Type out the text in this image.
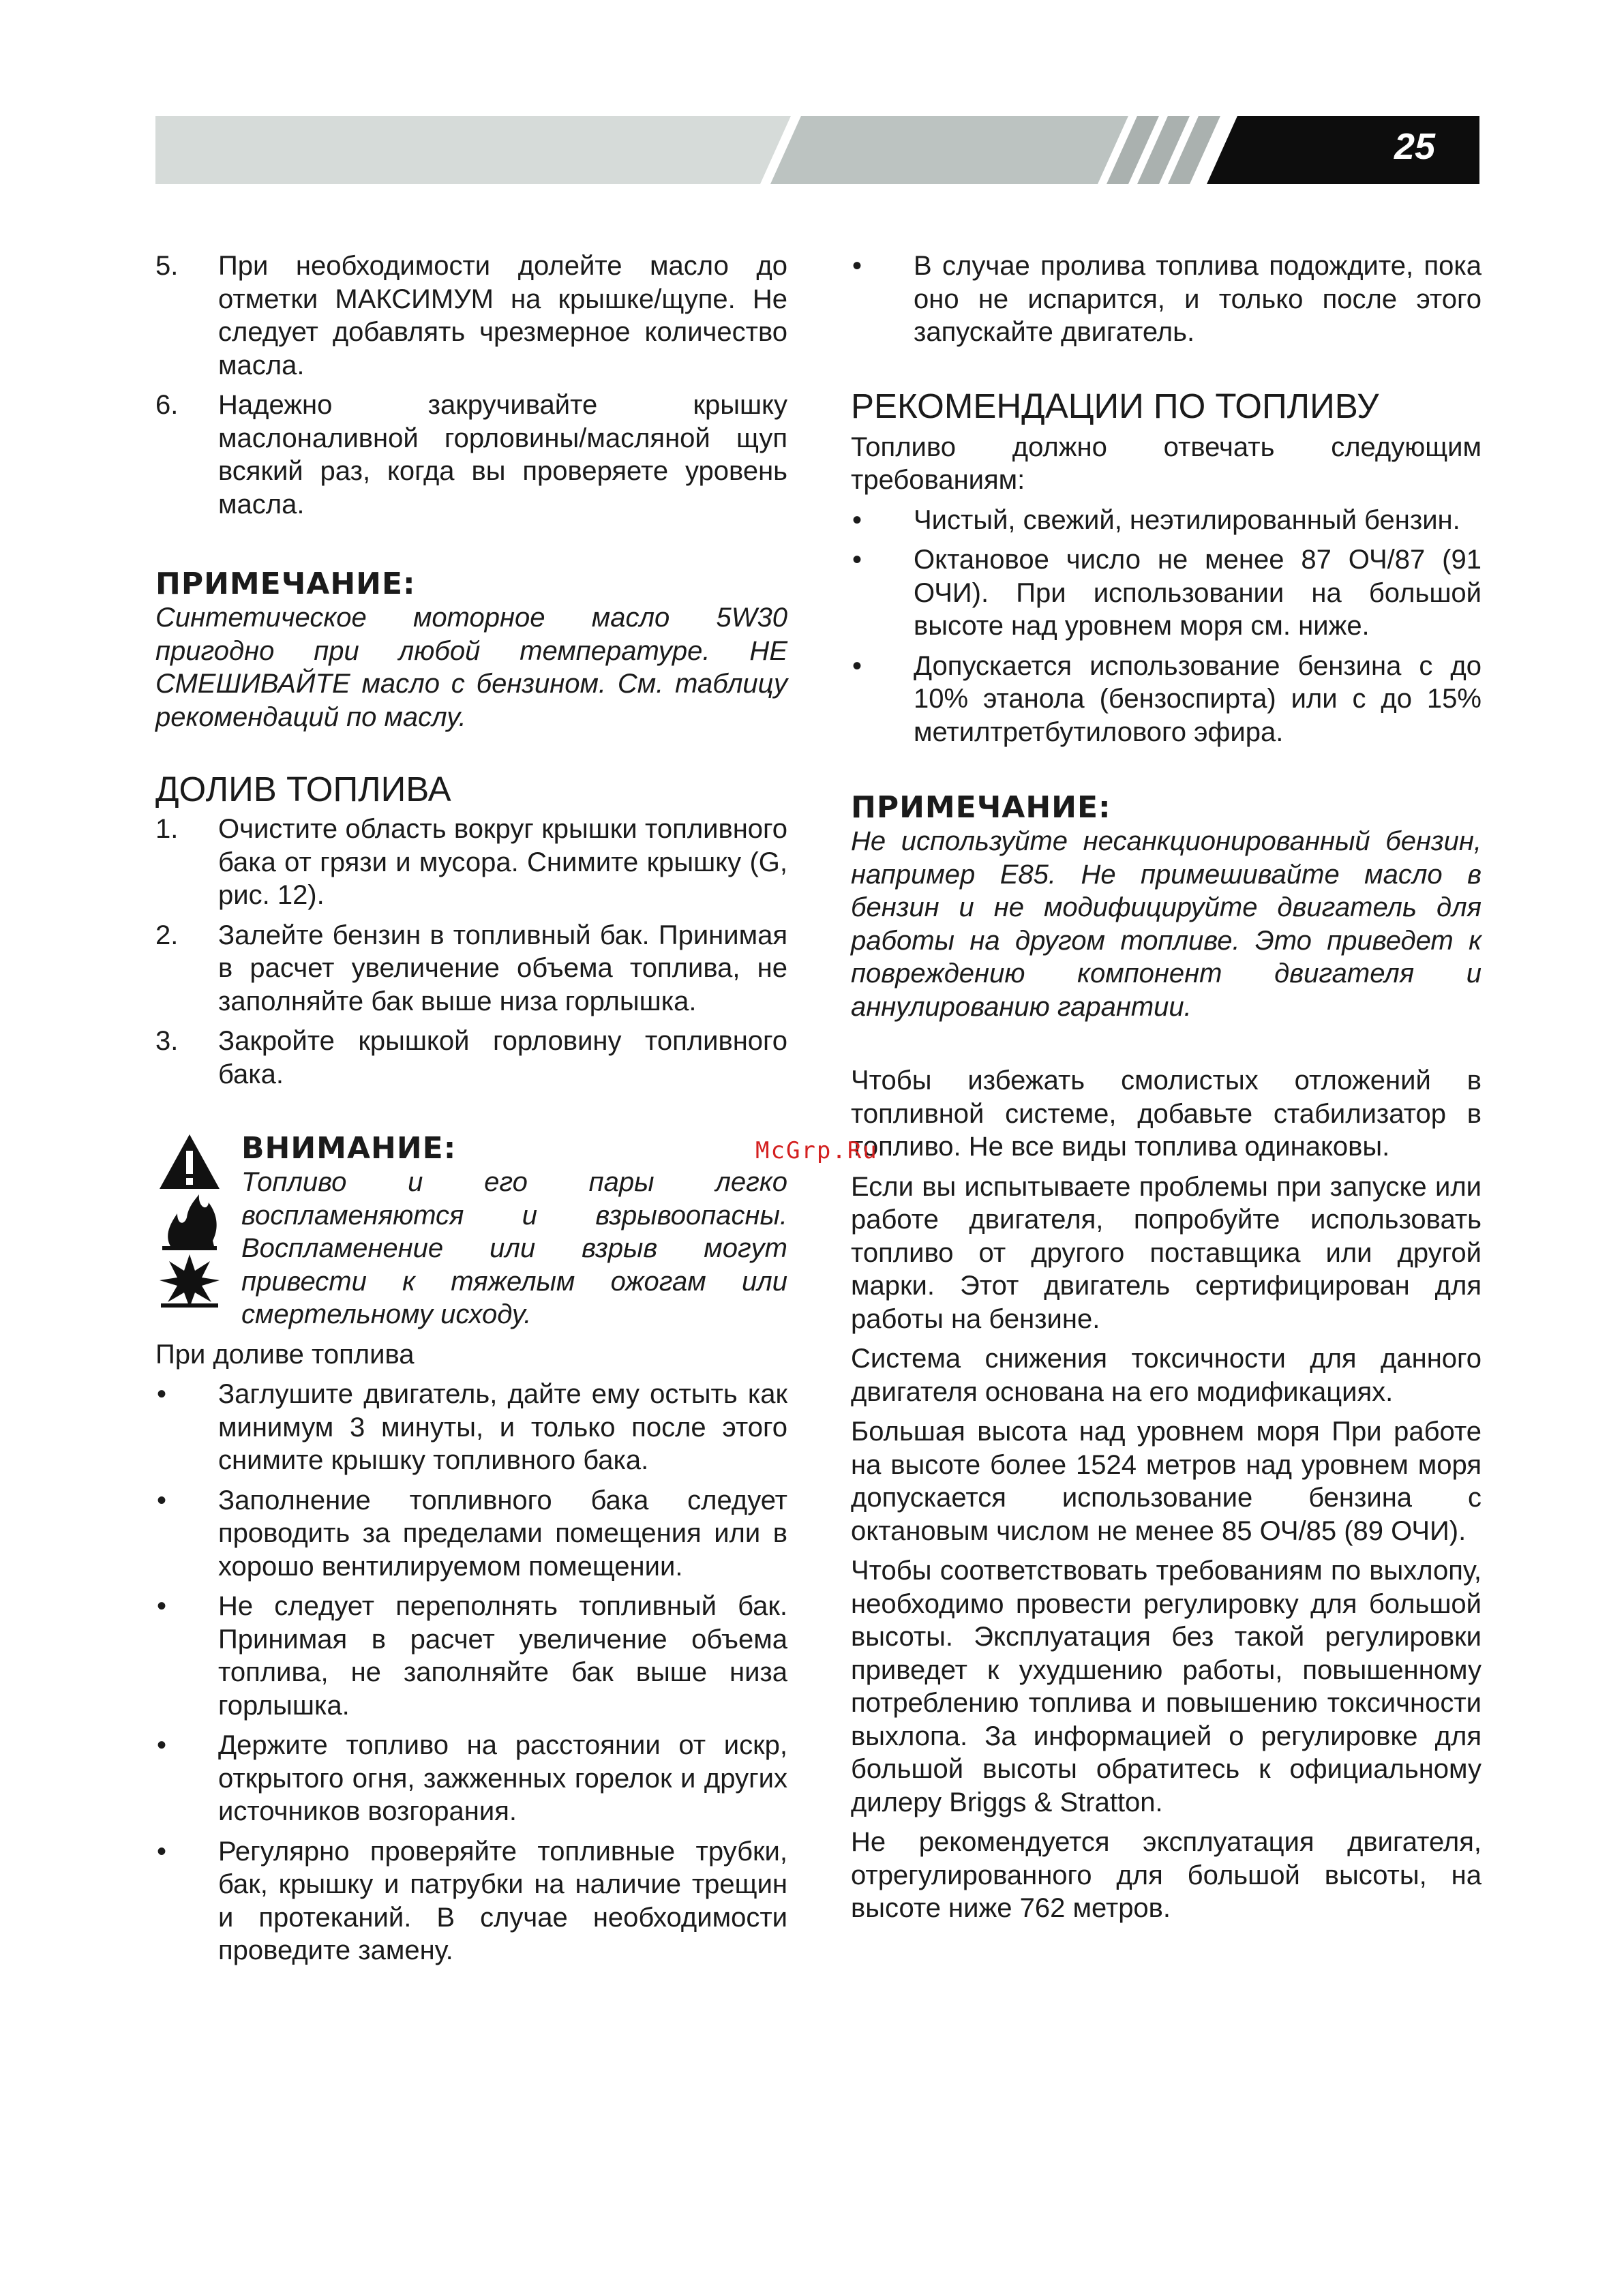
25
5.	При необходимости долейте масло до отметки МАКСИМУМ на крышке/щупе. Не следует добавлять чрезмерное количество масла.
6.	Надежно закручивайте крышку маслоналивной горловины/масляной щуп всякий раз, когда вы проверяете уровень масла.
ПРИМЕЧАНИЕ:
Синтетическое моторное масло 5W30 пригодно при любой температуре. НЕ СМЕШИВАЙТЕ масло с бензином. См. таблицу рекомендаций по маслу.
ДОЛИВ ТОПЛИВА
1.	Очистите область вокруг крышки топливного бака от грязи и мусора. Снимите крышку (G, рис. 12).
2.	Залейте бензин в топливный бак. Принимая в расчет увеличение объема топлива, не заполняйте бак выше низа горлышка.
3.	Закройте крышкой горловину топливного бака.
ВНИМАНИЕ:
Топливо и его пары легко воспламеняются и взрывоопасны. Воспламенение или взрыв могут привести к тяжелым ожогам или смертельному исходу.

При доливе топлива

• Заглушите двигатель, дайте ему остыть как минимум 3 минуты, и только после этого снимите крышку топливного бака.
• Заполнение топливного бака следует проводить за пределами помещения или в хорошо вентилируемом помещении.
• Не следует переполнять топливный бак. Принимая в расчет увеличение объема топлива, не заполняйте бак выше низа горлышка.
• Держите топливо на расстоянии от искр, открытого огня, зажженных горелок и других источников возгорания.
• Регулярно проверяйте топливные трубки, бак, крышку и патрубки на наличие трещин и протеканий. В случае необходимости проведите замену.
• В случае пролива топлива подождите, пока оно не испарится, и только после этого запускайте двигатель.
РЕКОМЕНДАЦИИ ПО ТОПЛИВУ

Топливо должно отвечать следующим требованиям:

• Чистый, свежий, неэтилированный бензин.
• Октановое число не менее 87 ОЧ/87 (91 ОЧИ). При использовании на большой высоте над уровнем моря см. ниже.
• Допускается использование бензина с до 10% этанола (бензоспирта) или с до 15% метилтретбутилового эфира.
ПРИМЕЧАНИЕ:
Не используйте несанкционированный бензин, например E85. Не примешивайте масло в бензин и не модифицируйте двигатель для работы на другом топливе. Это приведет к повреждению компонент двигателя и аннулированию гарантии.

Чтобы избежать смолистых отложений в топливной системе, добавьте стабилизатор в топливо. Не все виды топлива одинаковы.

Если вы испытываете проблемы при запуске или работе двигателя, попробуйте использовать топливо от другого поставщика или другой марки. Этот двигатель сертифицирован для работы на бензине.

Система снижения токсичности для данного двигателя основана на его модификациях.

Большая высота над уровнем моря При работе на высоте более 1524 метров над уровнем моря допускается использование бензина с октановым числом не менее 85 ОЧ/85 (89 ОЧИ).

Чтобы соответствовать требованиям по выхлопу, необходимо провести регулировку для большой высоты. Эксплуатация без такой регулировки приведет к ухудшению работы, повышенному потреблению топлива и повышению токсичности выхлопа. За информацией о регулировке для большой высоты обратитесь к официальному дилеру Briggs & Stratton.

Не рекомендуется эксплуатация двигателя, отрегулированного для большой высоты, на высоте ниже 762 метров.

McGrp.Ru
